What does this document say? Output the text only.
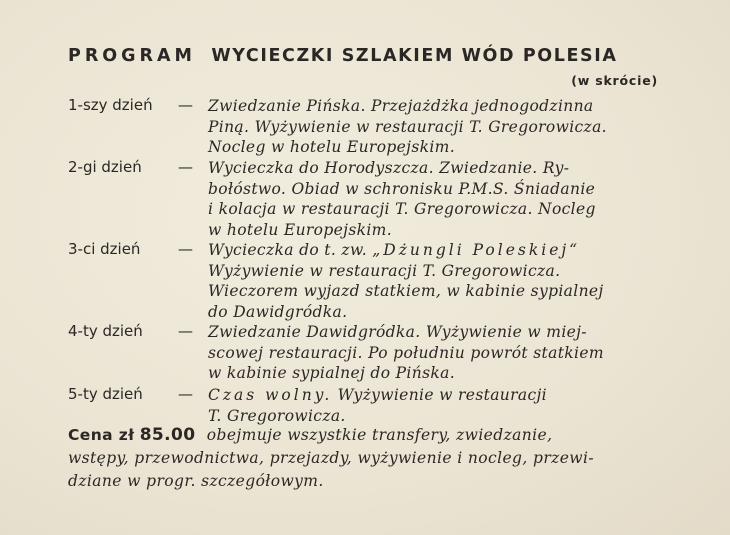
PROGRAM WYCIECZKI SZLAKIEM WÓD POLESIA
(w skrócie)
1-szy dzień — Zwiedzanie Pińska. Przejażdżka jednogodzinna
Piną. Wyżywienie w restauracji T. Gregorowicza.
Nocleg w hotelu Europejskim.
2-gi dzień — Wycieczka do Horodyszcza. Zwiedzanie. Ry-
bołóstwo. Obiad w schronisku P.M.S. Śniadanie
i kolacja w restauracji T. Gregorowicza. Nocleg
w hotelu Europejskim.
3-ci dzień	— Wycieczka do t. zw. „Dżungli Poleskiej“
Wyżywienie w restauracji T. Gregorowicza.
Wieczorem wyjazd statkiem, w kabinie sypialnej
do Dawidgródka.
4-ty dzień — Zwiedzanie Dawidgródka. Wyżywienie w miej-
scowej restauracji. Po południu powrót statkiem
w kabinie sypialnej do Pińska.
5-ty dzień — Czas wolny. Wyżywienie w restauracji
T. Gregorowicza.
Cena zł 85.00 obejmuje wszystkie transfery, zwiedzanie,
wstępy, przewodnictwa, przejazdy, wyżywienie i nocleg, przewi-
dziane w progr. szczegółowym.
